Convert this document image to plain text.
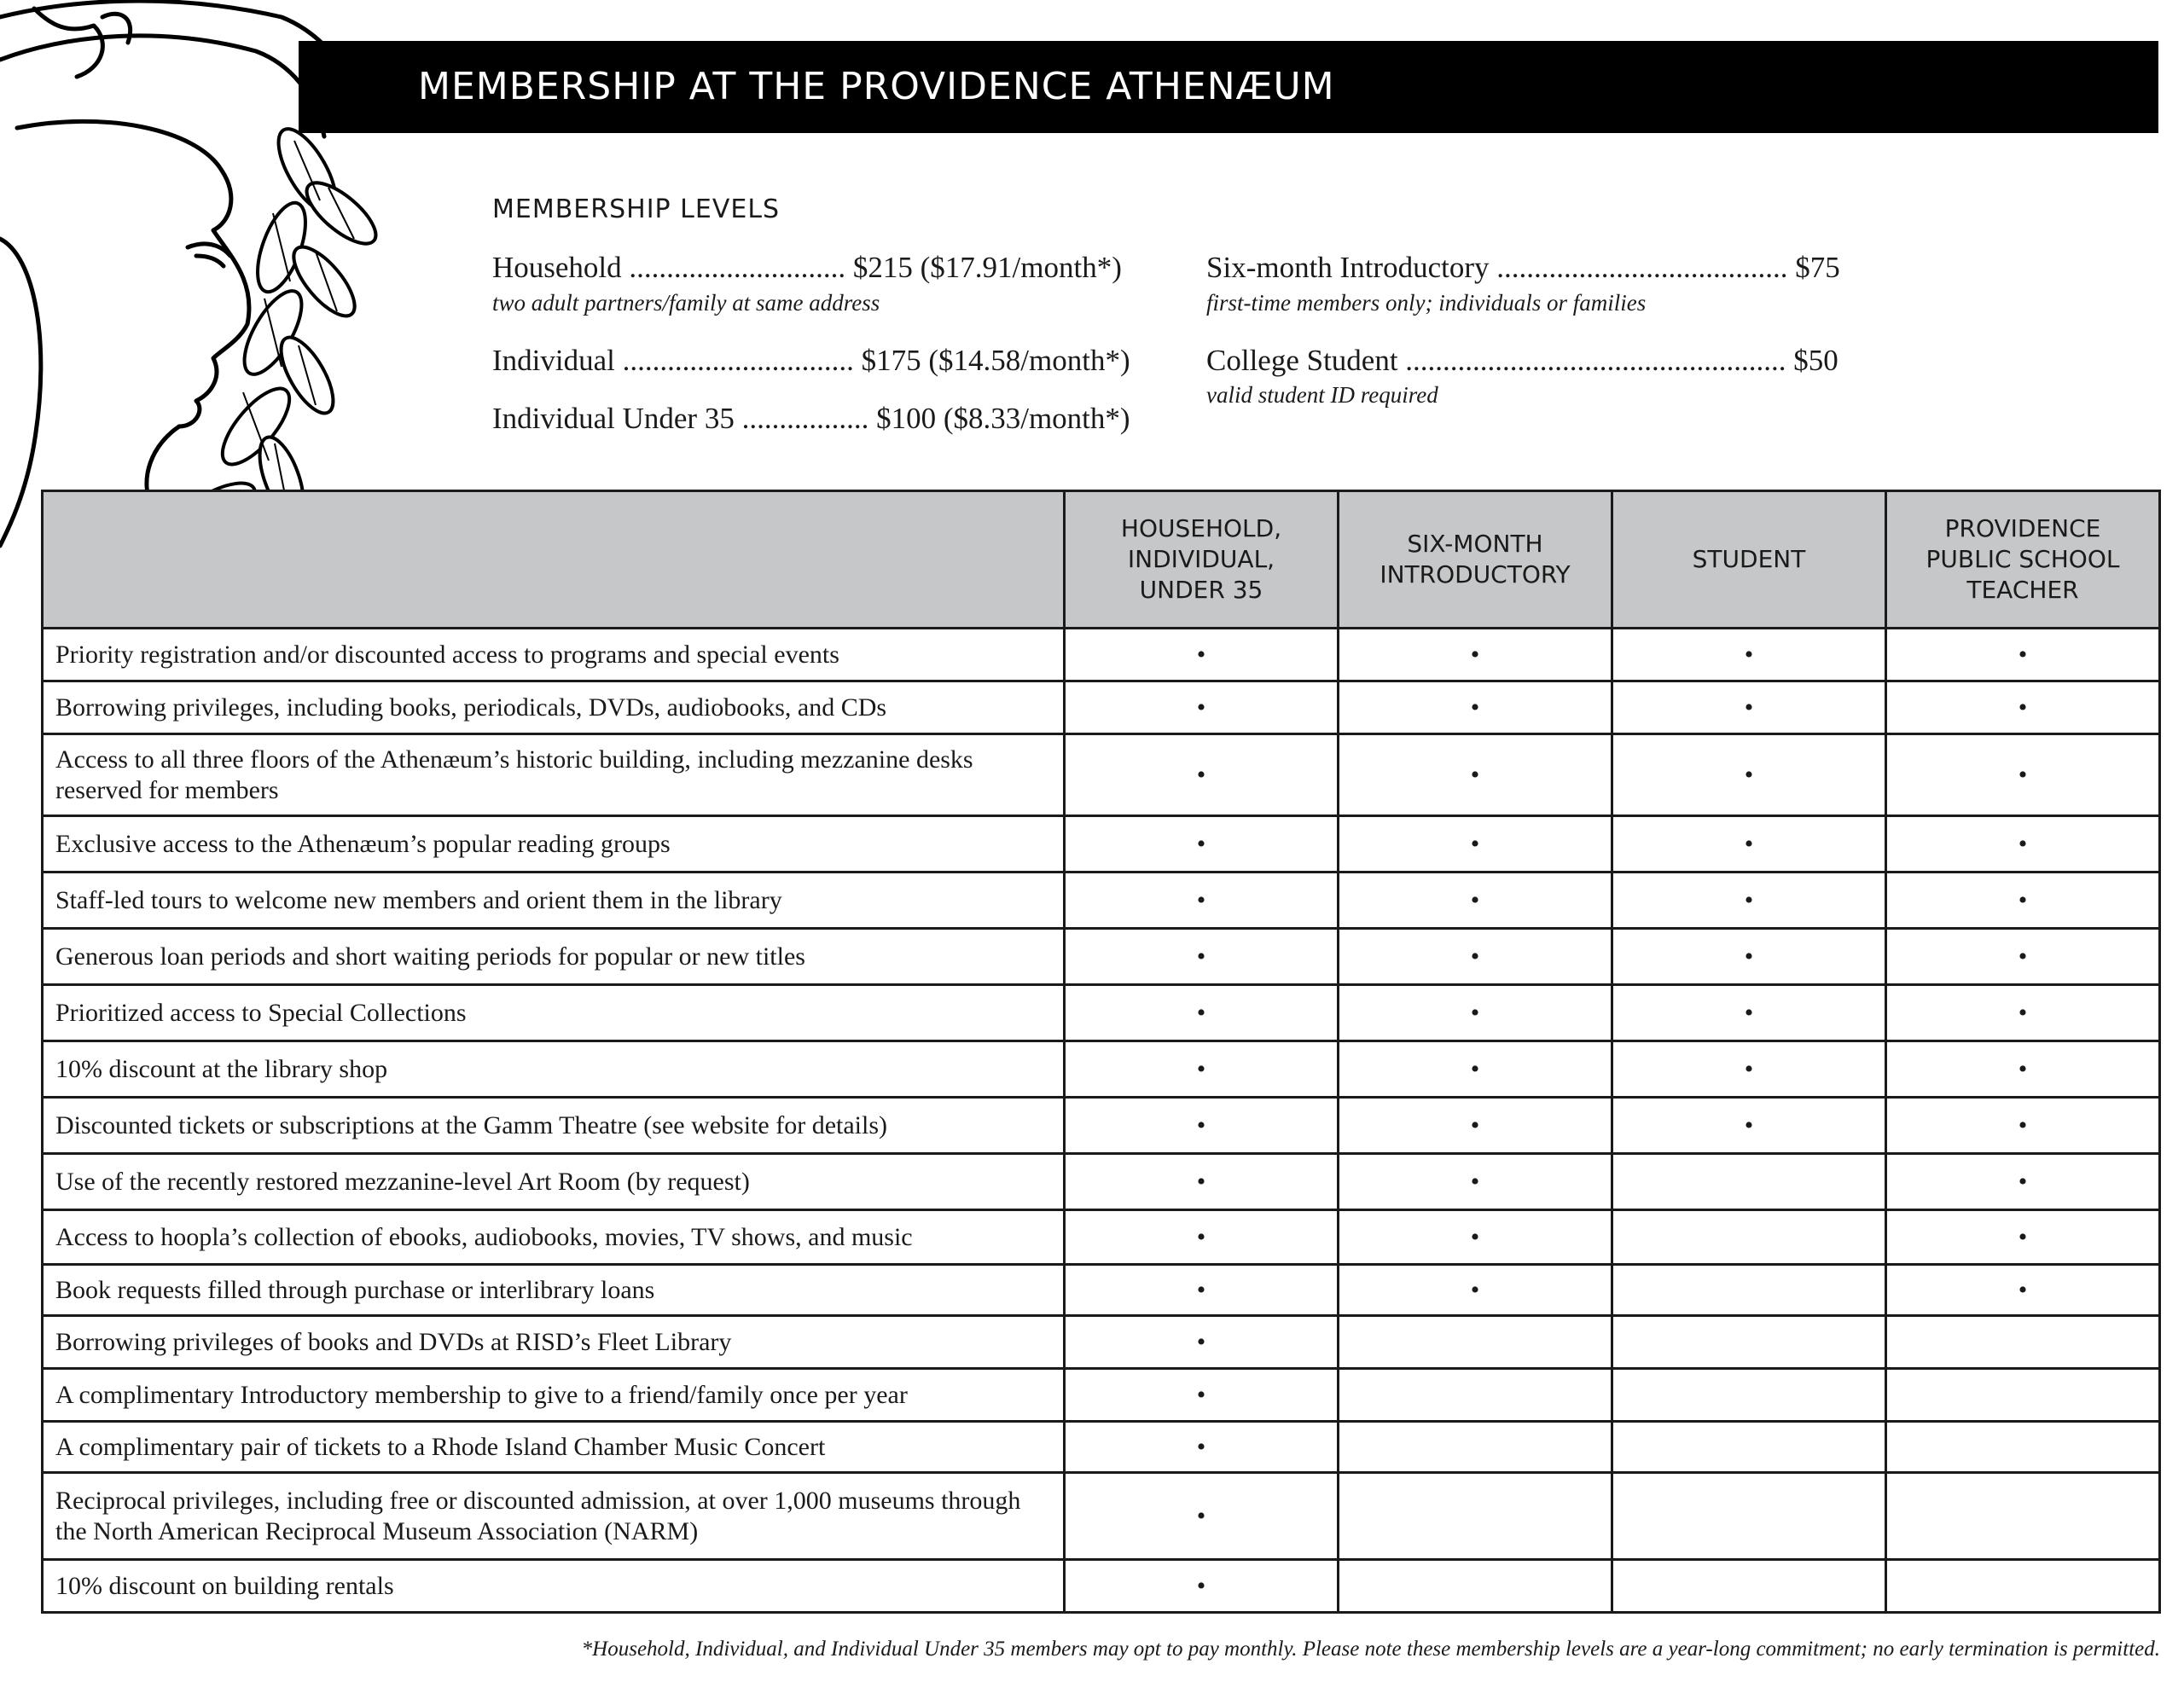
MEMBERSHIP AT THE PROVIDENCE ATHENÆUM
MEMBERSHIP LEVELS
Household ............................. $215 ($17.91/month*)
two adult partners/family at same address
Individual ............................... $175 ($14.58/month*)
Individual Under 35 ................. $100 ($8.33/month*)
Six-month Introductory ....................................... $75
first-time members only; individuals or families
College Student ................................................... $50
valid student ID required
	HOUSEHOLD, INDIVIDUAL, UNDER 35	SIX-MONTH INTRODUCTORY	STUDENT	PROVIDENCE PUBLIC SCHOOL TEACHER
Priority registration and/or discounted access to programs and special events	•	•	•	•
Borrowing privileges, including books, periodicals, DVDs, audiobooks, and CDs	•	•	•	•
Access to all three floors of the Athenæum’s historic building, including mezzanine desks reserved for members	•	•	•	•
Exclusive access to the Athenæum’s popular reading groups	•	•	•	•
Staff-led tours to welcome new members and orient them in the library	•	•	•	•
Generous loan periods and short waiting periods for popular or new titles	•	•	•	•
Prioritized access to Special Collections	•	•	•	•
10% discount at the library shop	•	•	•	•
Discounted tickets or subscriptions at the Gamm Theatre (see website for details)	•	•	•	•
Use of the recently restored mezzanine-level Art Room (by request)	•	•		•
Access to hoopla’s collection of ebooks, audiobooks, movies, TV shows, and music	•	•		•
Book requests filled through purchase or interlibrary loans	•	•		•
Borrowing privileges of books and DVDs at RISD’s Fleet Library	•			
A complimentary Introductory membership to give to a friend/family once per year	•			
A complimentary pair of tickets to a Rhode Island Chamber Music Concert	•			
Reciprocal privileges, including free or discounted admission, at over 1,000 museums through the North American Reciprocal Museum Association (NARM)	•			
10% discount on building rentals	•			
*Household, Individual, and Individual Under 35 members may opt to pay monthly. Please note these membership levels are a year-long commitment; no early termination is permitted.
